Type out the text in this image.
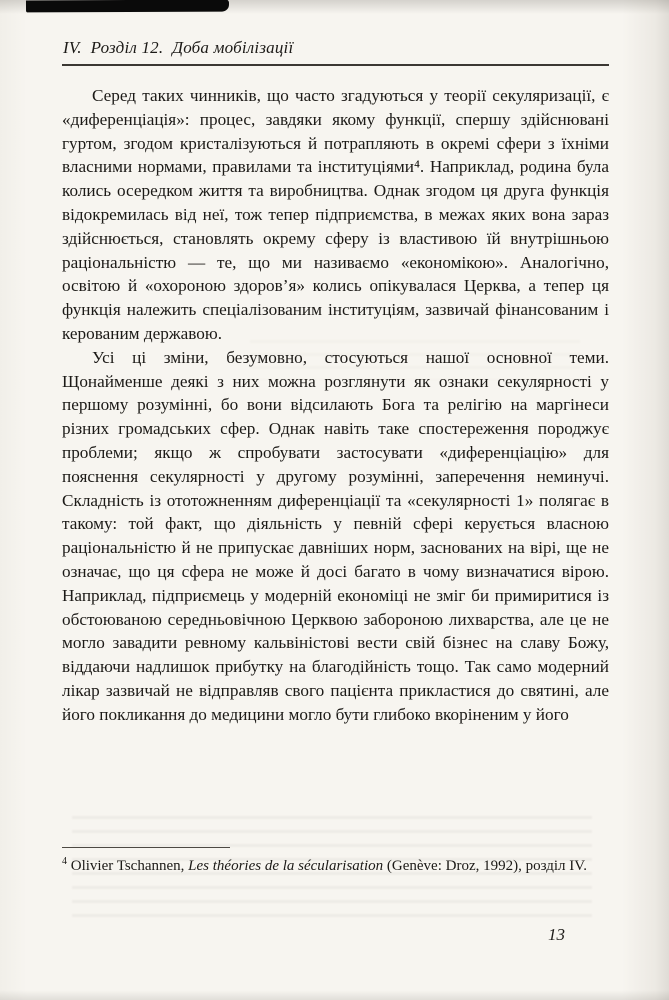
IV.  Розділ 12.  Доба мобілізації

Серед таких чинників, що часто згадуються у теорії секуляризації, є «диференціація»: процес, завдяки якому функції, спершу здійснювані гуртом, згодом кристалізуються й потрапляють в окремі сфери з їхніми власними нормами, правилами та інституціями⁴. Наприклад, родина була колись осередком життя та виробництва. Однак згодом ця друга функція відокремилась від неї, тож тепер підприємства, в межах яких вона зараз здійснюється, становлять окрему сферу із властивою їй внутрішньою раціональністю — те, що ми називаємо «економікою». Аналогічно, освітою й «охороною здоров’я» колись опікувалася Церква, а тепер ця функція належить спеціалізованим інституціям, зазвичай фінансованим і керованим державою.

Усі ці зміни, безумовно, стосуються нашої основної теми. Щонайменше деякі з них можна розглянути як ознаки секулярності у першому розумінні, бо вони відсилають Бога та релігію на маргінеси різних громадських сфер. Однак навіть таке спостереження породжує проблеми; якщо ж спробувати застосувати «диференціацію» для пояснення секулярності у другому розумінні, заперечення неминучі. Складність із ототожненням диференціації та «секулярності 1» полягає в такому: той факт, що діяльність у певній сфері керується власною раціональністю й не припускає давніших норм, заснованих на вірі, ще не означає, що ця сфера не може й досі багато в чому визначатися вірою. Наприклад, підприємець у модерній економіці не зміг би примиритися із обстоюваною середньовічною Церквою забороною лихварства, але це не могло завадити ревному кальвіністові вести свій бізнес на славу Божу, віддаючи надлишок прибутку на благодійність тощо. Так само модерний лікар зазвичай не відправляв свого пацієнта прикластися до святині, але його покликання до медицини могло бути глибоко вкоріненим у його

$^4$ Olivier Tschannen, Les théories de la sécularisation (Genève: Droz, 1992), розділ IV.

13
